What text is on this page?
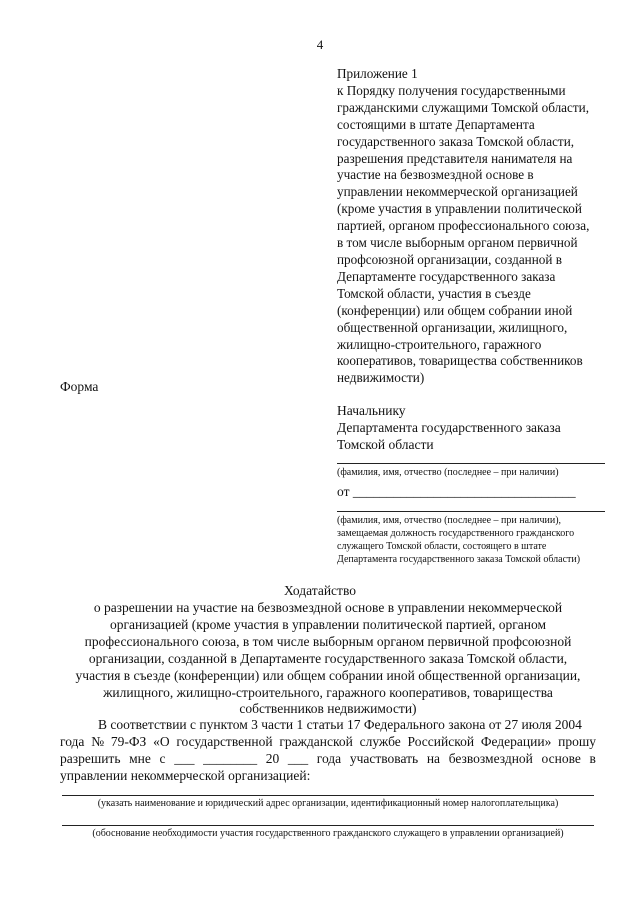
4
Приложение 1
к Порядку получения государственными
гражданскими служащими Томской области,
состоящими в штате Департамента
государственного заказа Томской области,
разрешения представителя нанимателя на
участие на безвозмездной основе в
управлении некоммерческой организацией
(кроме участия в управлении политической
партией, органом профессионального союза,
в том числе выборным органом первичной
профсоюзной организации, созданной в
Департаменте государственного заказа
Томской области, участия в съезде
(конференции) или общем собрании иной
общественной организации, жилищного,
жилищно-строительного, гаражного
кооперативов, товарищества собственников
недвижимости)
Форма
Начальнику
Департамента государственного заказа
Томской области
(фамилия, имя, отчество (последнее – при наличии)
от _________________________________
(фамилия, имя, отчество (последнее – при наличии),
замещаемая должность государственного гражданского
служащего Томской области, состоящего в штате
Департамента государственного заказа Томской области)
Ходатайство
о разрешении на участие на безвозмездной основе в управлении некоммерческой
организацией (кроме участия в управлении политической партией, органом
профессионального союза, в том числе выборным органом первичной профсоюзной
организации, созданной в Департаменте государственного заказа Томской области,
участия в съезде (конференции) или общем собрании иной общественной организации,
жилищного, жилищно-строительного, гаражного кооперативов, товарищества
собственников недвижимости)
В соответствии с пунктом 3 части 1 статьи 17 Федерального закона от 27 июля 2004
года № 79-ФЗ «О государственной гражданской службе Российской Федерации» прошу
разрешить мне с ___ ________ 20 ___ года участвовать на безвозмездной основе в
управлении некоммерческой организацией:
(указать наименование и юридический адрес организации, идентификационный номер налогоплательщика)
(обоснование необходимости участия государственного гражданского служащего в управлении организацией)
